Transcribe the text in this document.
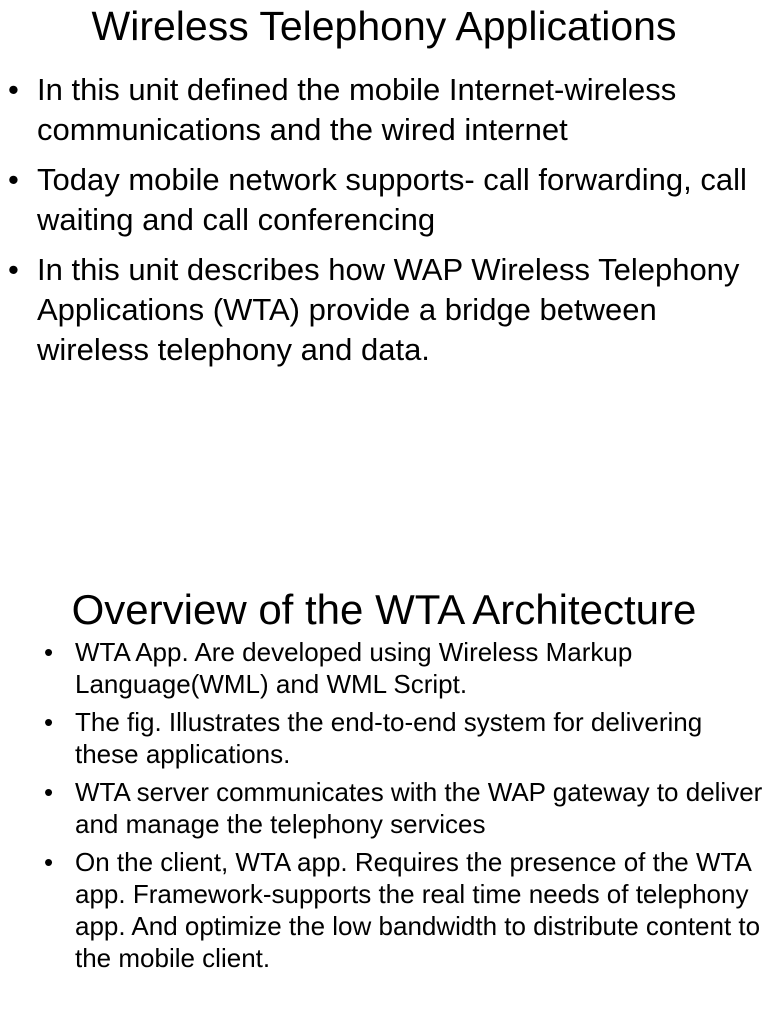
Wireless Telephony Applications
• In this unit defined the mobile Internet-wireless communications and the wired internet
• Today mobile network supports- call forwarding, call waiting and call conferencing
• In this unit describes how WAP Wireless Telephony Applications (WTA) provide a bridge between wireless telephony and data.
Overview of the WTA Architecture
• WTA App. Are developed using Wireless Markup Language(WML) and WML Script.
• The fig. Illustrates the end-to-end system for delivering these applications.
• WTA server communicates with the WAP gateway to deliver and manage the telephony services
• On the client, WTA app. Requires the presence of the WTA app. Framework-supports the real time needs of telephony app. And optimize the low bandwidth to distribute content to the mobile client.
